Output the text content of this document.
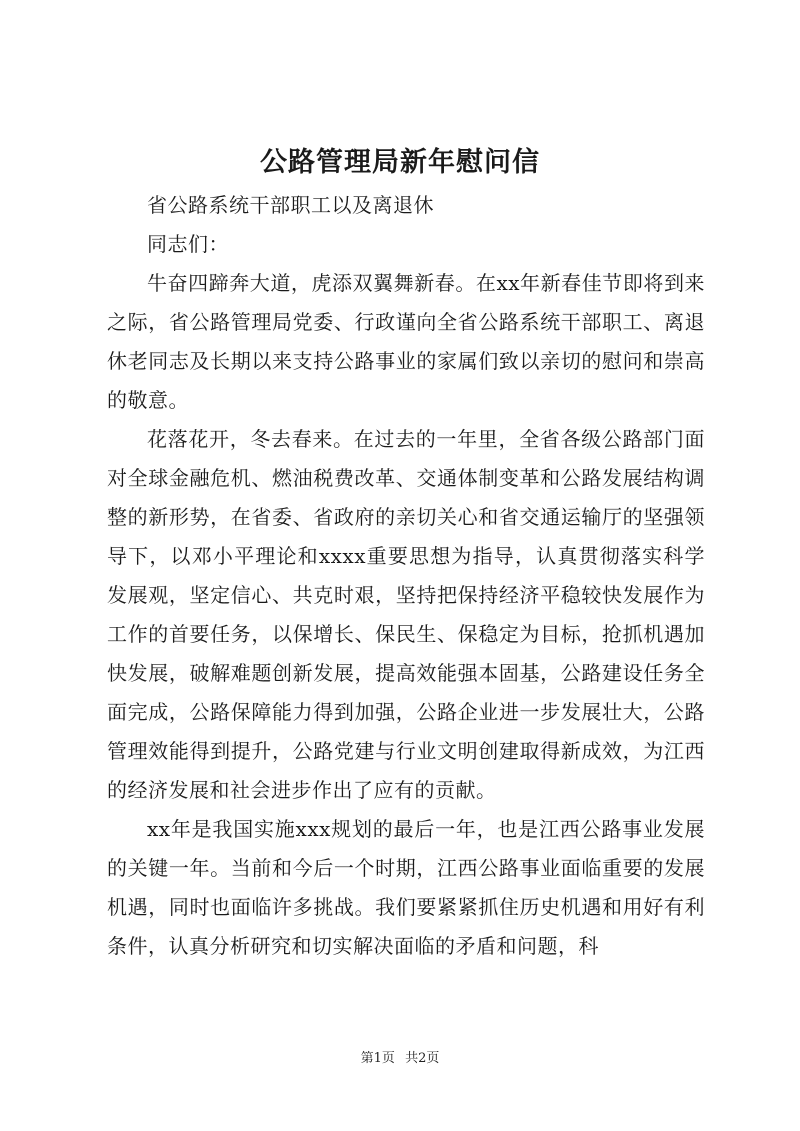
公路管理局新年慰问信

省公路系统干部职工以及离退休

同志们：

牛奋四蹄奔大道，虎添双翼舞新春。在xx年新春佳节即将到来之际，省公路管理局党委、行政谨向全省公路系统干部职工、离退休老同志及长期以来支持公路事业的家属们致以亲切的慰问和崇高的敬意。

花落花开，冬去春来。在过去的一年里，全省各级公路部门面对全球金融危机、燃油税费改革、交通体制变革和公路发展结构调整的新形势，在省委、省政府的亲切关心和省交通运输厅的坚强领导下，以邓小平理论和xxxx重要思想为指导，认真贯彻落实科学发展观，坚定信心、共克时艰，坚持把保持经济平稳较快发展作为工作的首要任务，以保增长、保民生、保稳定为目标，抢抓机遇加快发展，破解难题创新发展，提高效能强本固基，公路建设任务全面完成，公路保障能力得到加强，公路企业进一步发展壮大，公路管理效能得到提升，公路党建与行业文明创建取得新成效，为江西的经济发展和社会进步作出了应有的贡献。

xx年是我国实施xxx规划的最后一年，也是江西公路事业发展的关键一年。当前和今后一个时期，江西公路事业面临重要的发展机遇，同时也面临许多挑战。我们要紧紧抓住历史机遇和用好有利条件，认真分析研究和切实解决面临的矛盾和问题，科

第1页 共2页
